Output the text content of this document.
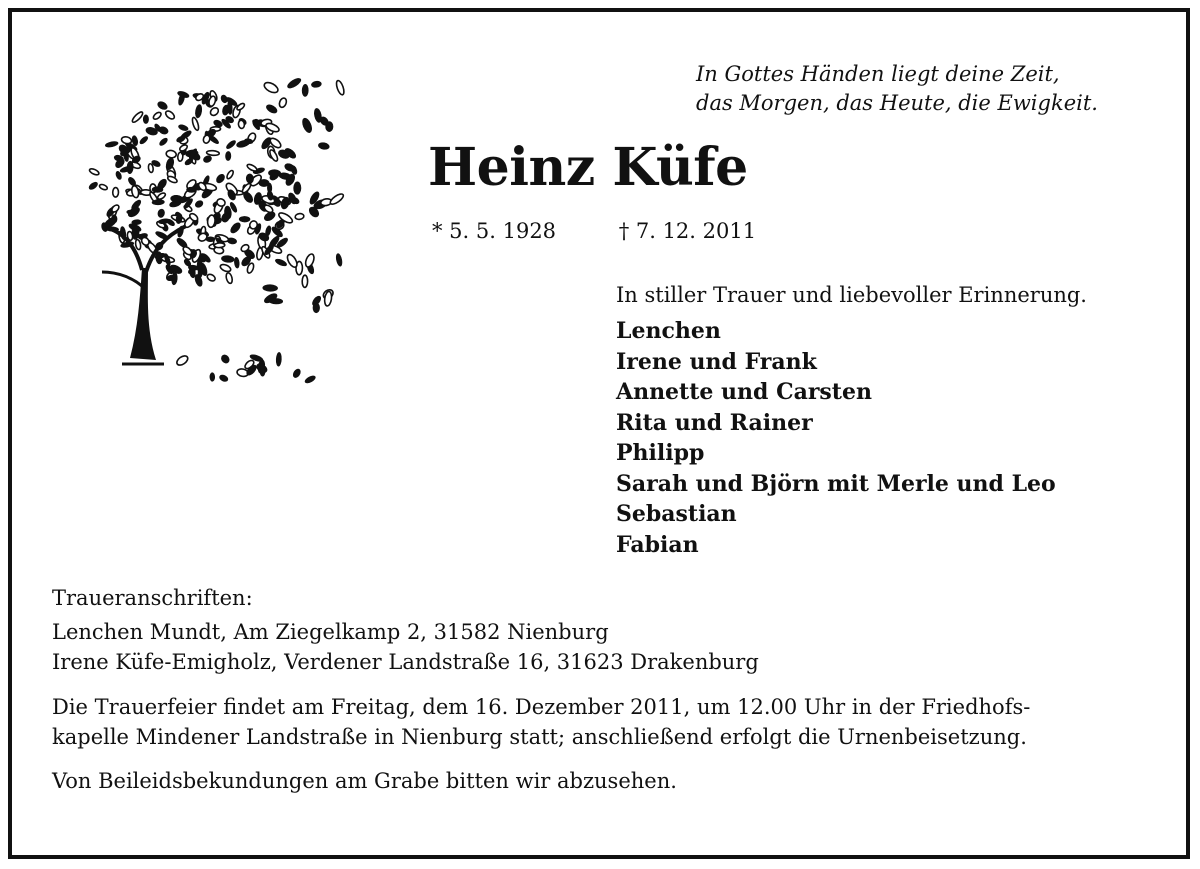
In Gottes Händen liegt deine Zeit,
das Morgen, das Heute, die Ewigkeit.
Heinz Küfe
* 5. 5. 1928	† 7. 12. 2011
In stiller Trauer und liebevoller Erinnerung.
Lenchen
Irene und Frank
Annette und Carsten
Rita und Rainer
Philipp
Sarah und Björn mit Merle und Leo
Sebastian
Fabian
Traueranschriften:
Lenchen Mundt, Am Ziegelkamp 2, 31582 Nienburg
Irene Küfe-Emigholz, Verdener Landstraße 16, 31623 Drakenburg
Die Trauerfeier findet am Freitag, dem 16. Dezember 2011, um 12.00 Uhr in der Friedhofs-
kapelle Mindener Landstraße in Nienburg statt; anschließend erfolgt die Urnenbeisetzung.
Von Beileidsbekundungen am Grabe bitten wir abzusehen.
